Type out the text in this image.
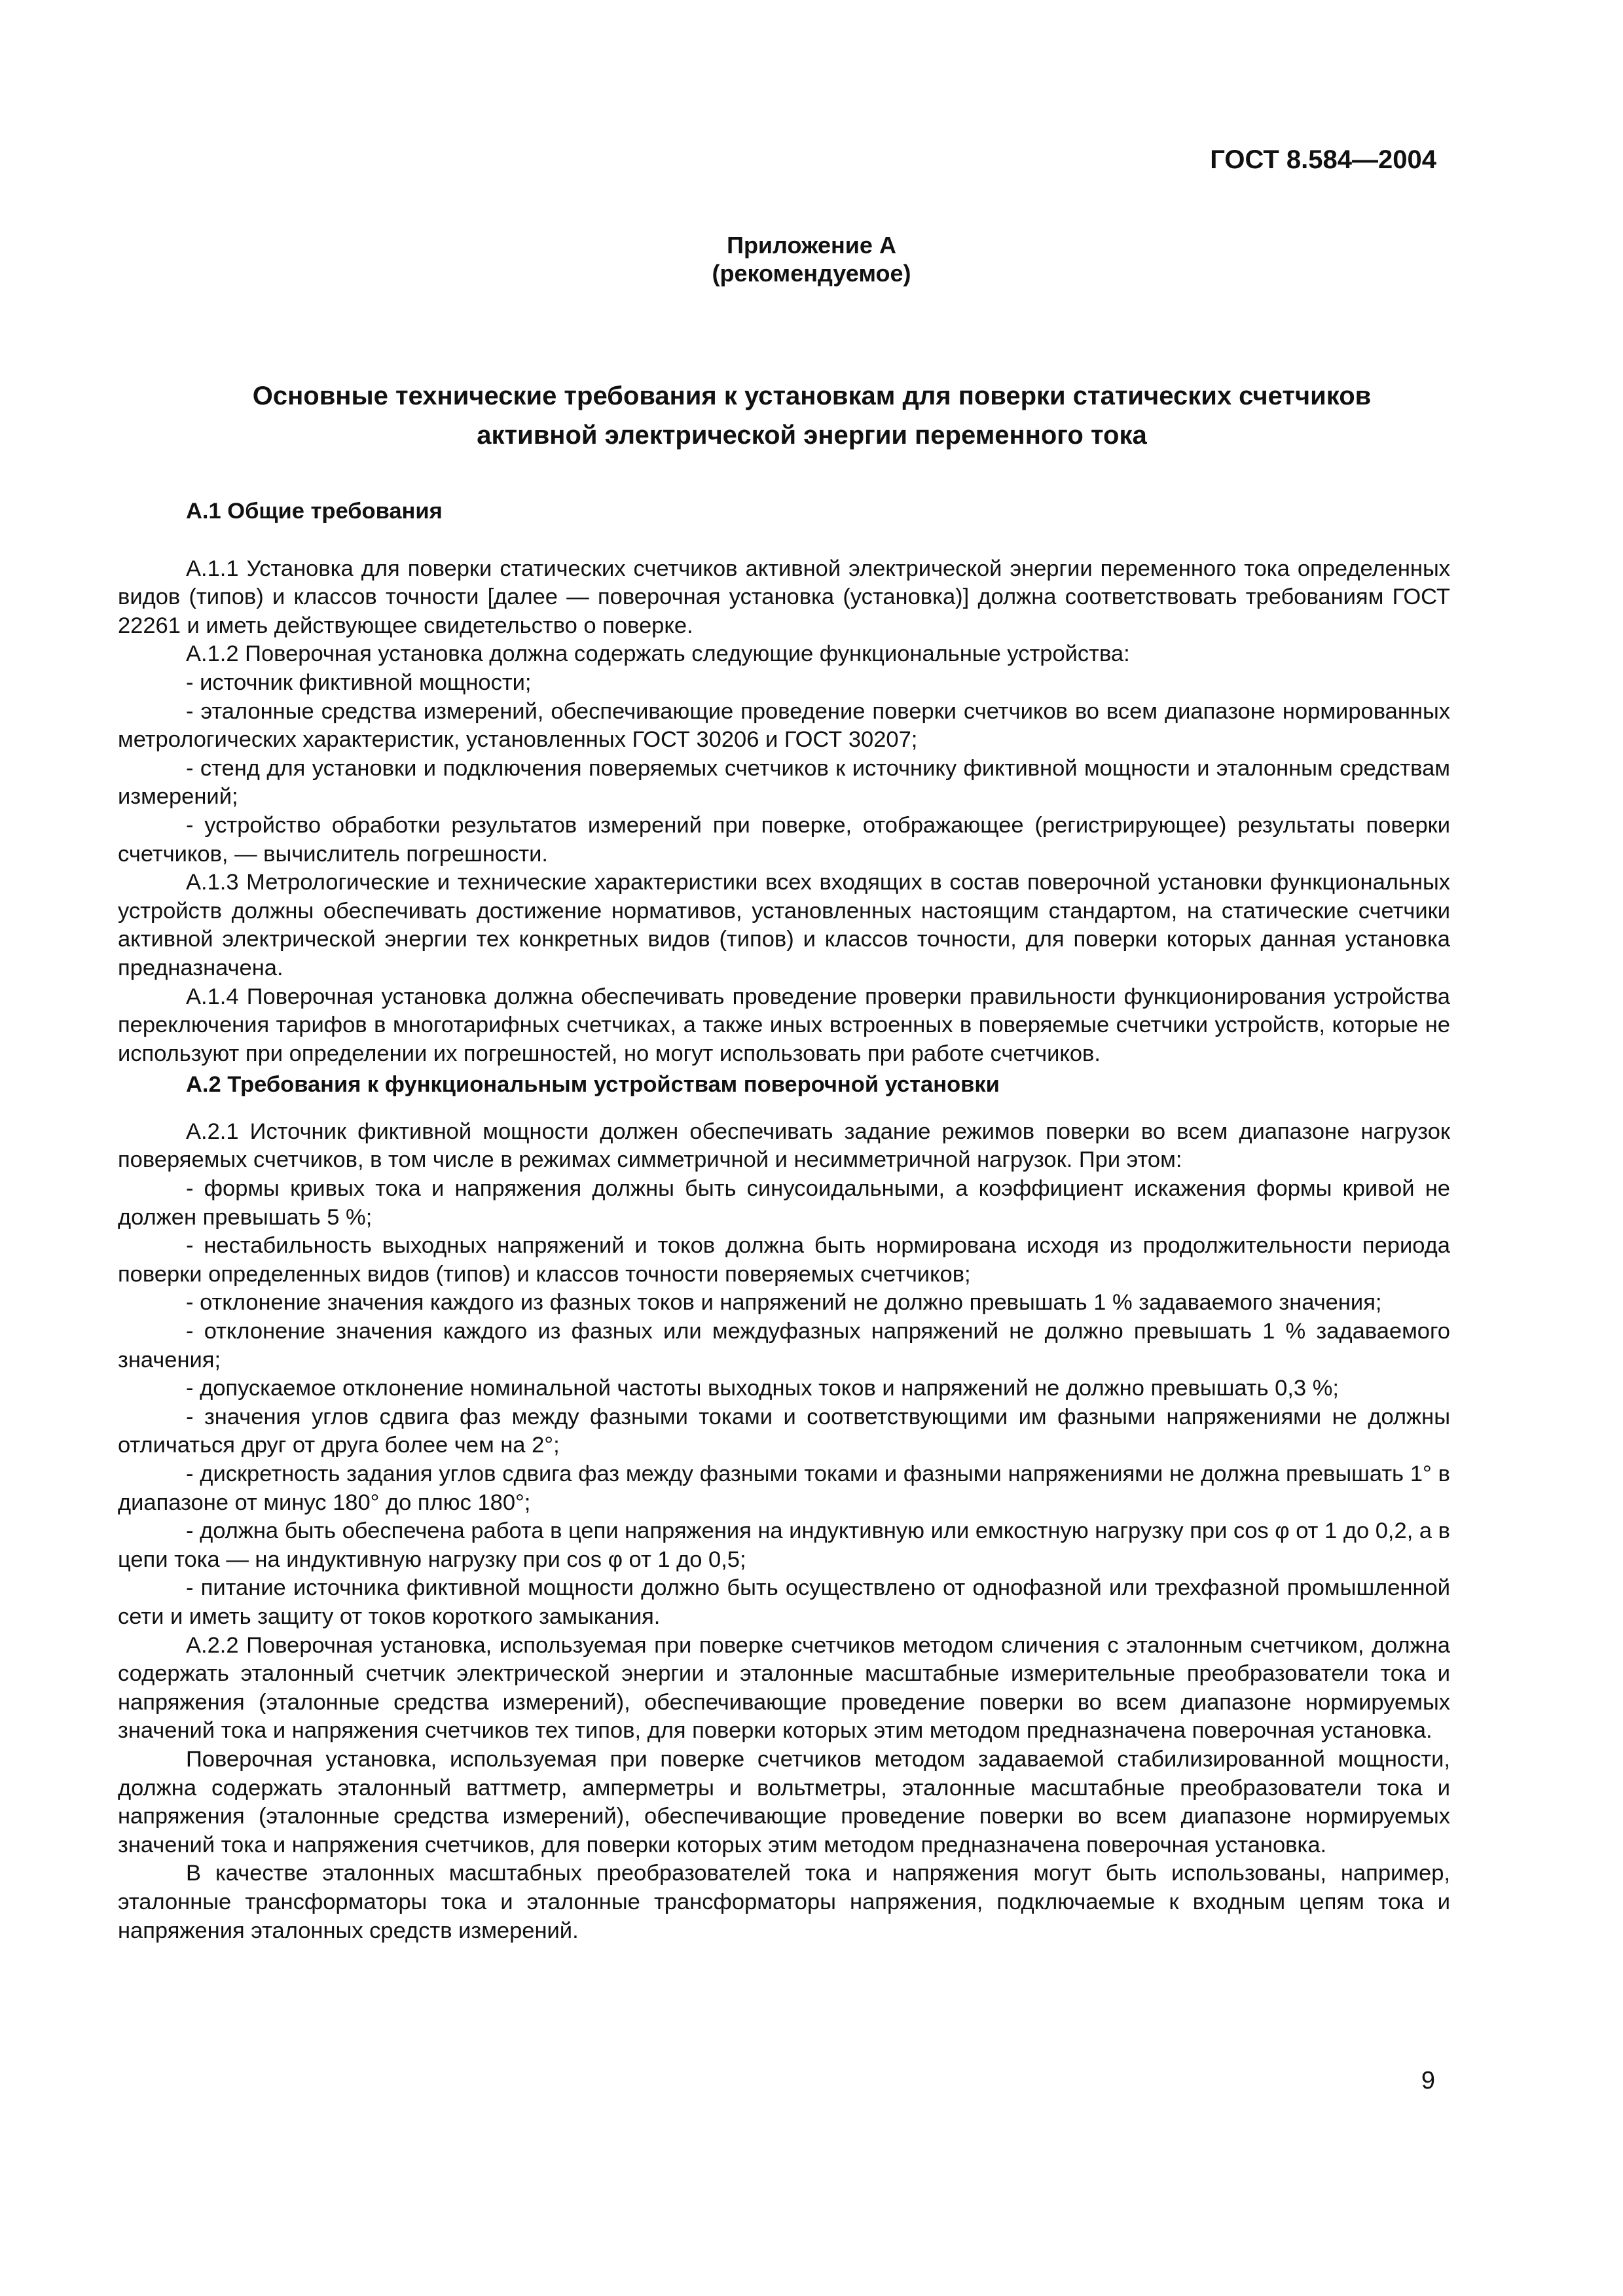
ГОСТ 8.584—2004
Приложение А
(рекомендуемое)
Основные технические требования к установкам для поверки статических счетчиков
активной электрической энергии переменного тока

А.1 Общие требования

А.1.1 Установка для поверки статических счетчиков активной электрической энергии переменного тока определенных видов (типов) и классов точности [далее — поверочная установка (установка)] должна соответствовать требованиям ГОСТ 22261 и иметь действующее свидетельство о поверке.

А.1.2 Поверочная установка должна содержать следующие функциональные устройства:

- источник фиктивной мощности;

- эталонные средства измерений, обеспечивающие проведение поверки счетчиков во всем диапазоне нормированных метрологических характеристик, установленных ГОСТ 30206 и ГОСТ 30207;

- стенд для установки и подключения поверяемых счетчиков к источнику фиктивной мощности и эталонным средствам измерений;

- устройство обработки результатов измерений при поверке, отображающее (регистрирующее) результаты поверки счетчиков, — вычислитель погрешности.

А.1.3 Метрологические и технические характеристики всех входящих в состав поверочной установки функциональных устройств должны обеспечивать достижение нормативов, установленных настоящим стандартом, на статические счетчики активной электрической энергии тех конкретных видов (типов) и классов точности, для поверки которых данная установка предназначена.

А.1.4 Поверочная установка должна обеспечивать проведение проверки правильности функционирования устройства переключения тарифов в многотарифных счетчиках, а также иных встроенных в поверяемые счетчики устройств, которые не используют при определении их погрешностей, но могут использовать при работе счетчиков.

А.2 Требования к функциональным устройствам поверочной установки

А.2.1 Источник фиктивной мощности должен обеспечивать задание режимов поверки во всем диапазоне нагрузок поверяемых счетчиков, в том числе в режимах симметричной и несимметричной нагрузок. При этом:

- формы кривых тока и напряжения должны быть синусоидальными, а коэффициент искажения формы кривой не должен превышать 5 %;

- нестабильность выходных напряжений и токов должна быть нормирована исходя из продолжительности периода поверки определенных видов (типов) и классов точности поверяемых счетчиков;

- отклонение значения каждого из фазных токов и напряжений не должно превышать 1 % задаваемого значения;

- отклонение значения каждого из фазных или междуфазных напряжений не должно превышать 1 % задаваемого значения;

- допускаемое отклонение номинальной частоты выходных токов и напряжений не должно превышать 0,3 %;

- значения углов сдвига фаз между фазными токами и соответствующими им фазными напряжениями не должны отличаться друг от друга более чем на 2°;

- дискретность задания углов сдвига фаз между фазными токами и фазными напряжениями не должна превышать 1° в диапазоне от минус 180° до плюс 180°;

- должна быть обеспечена работа в цепи напряжения на индуктивную или емкостную нагрузку при cos φ от 1 до 0,2, а в цепи тока — на индуктивную нагрузку при cos φ от 1 до 0,5;

- питание источника фиктивной мощности должно быть осуществлено от однофазной или трехфазной промышленной сети и иметь защиту от токов короткого замыкания.

А.2.2 Поверочная установка, используемая при поверке счетчиков методом сличения с эталонным счетчиком, должна содержать эталонный счетчик электрической энергии и эталонные масштабные измерительные преобразователи тока и напряжения (эталонные средства измерений), обеспечивающие проведение поверки во всем диапазоне нормируемых значений тока и напряжения счетчиков тех типов, для поверки которых этим методом предназначена поверочная установка.

Поверочная установка, используемая при поверке счетчиков методом задаваемой стабилизированной мощности, должна содержать эталонный ваттметр, амперметры и вольтметры, эталонные масштабные преобразователи тока и напряжения (эталонные средства измерений), обеспечивающие проведение поверки во всем диапазоне нормируемых значений тока и напряжения счетчиков, для поверки которых этим методом предназначена поверочная установка.

В качестве эталонных масштабных преобразователей тока и напряжения могут быть использованы, например, эталонные трансформаторы тока и эталонные трансформаторы напряжения, подключаемые к входным цепям тока и напряжения эталонных средств измерений.

9
